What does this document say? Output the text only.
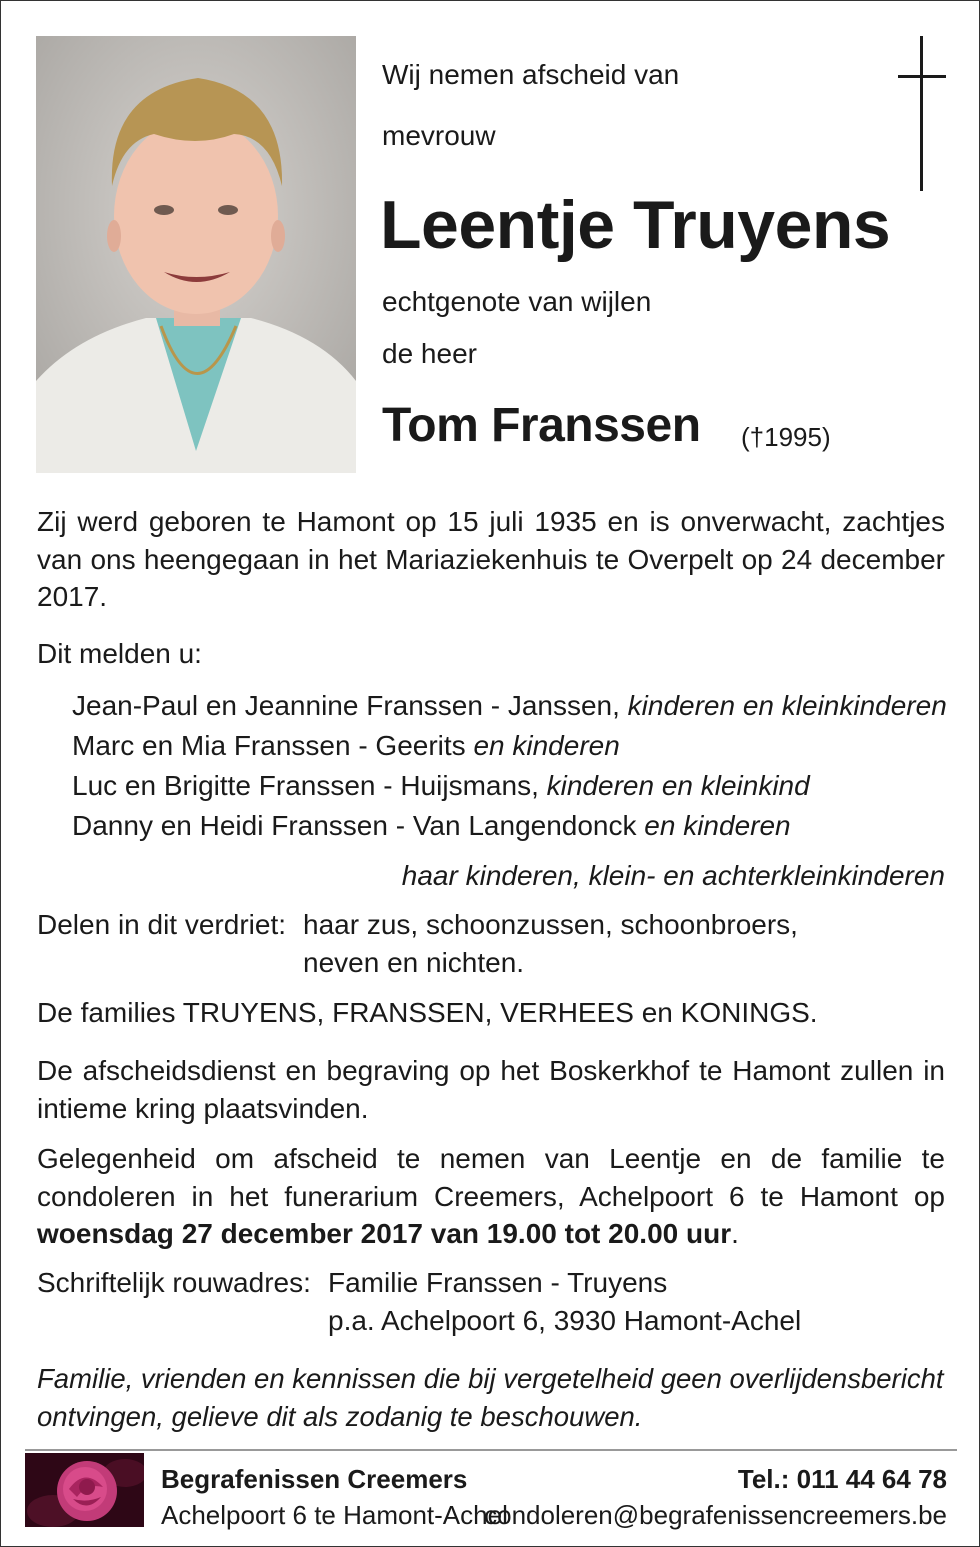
Wij nemen afscheid van
mevrouw
Leentje Truyens
echtgenote van wijlen
de heer
Tom Franssen (†1995)
Zij werd geboren te Hamont op 15 juli 1935 en is onverwacht, zachtjes van ons heengegaan in het Mariaziekenhuis te Overpelt op 24 december 2017.
Dit melden u:
Jean-Paul en Jeannine Franssen - Janssen, kinderen en kleinkinderen
Marc en Mia Franssen - Geerits en kinderen
Luc en Brigitte Franssen - Huijsmans, kinderen en kleinkind
Danny en Heidi Franssen - Van Langendonck en kinderen
haar kinderen, klein- en achterkleinkinderen
Delen in dit verdriet: haar zus, schoonzussen, schoonbroers,
neven en nichten.
De families TRUYENS, FRANSSEN, VERHEES en KONINGS.
De afscheidsdienst en begraving op het Boskerkhof te Hamont zullen in intieme kring plaatsvinden.
Gelegenheid om afscheid te nemen van Leentje en de familie te condoleren in het funerarium Creemers, Achelpoort 6 te Hamont op woensdag 27 december 2017 van 19.00 tot 20.00 uur.
Schriftelijk rouwadres: Familie Franssen - Truyens
p.a. Achelpoort 6, 3930 Hamont-Achel
Familie, vrienden en kennissen die bij vergetelheid geen overlijdensbericht ontvingen, gelieve dit als zodanig te beschouwen.
Begrafenissen Creemers
Achelpoort 6 te Hamont-Achel
Tel.: 011 44 64 78
condoleren@begrafenissencreemers.be
